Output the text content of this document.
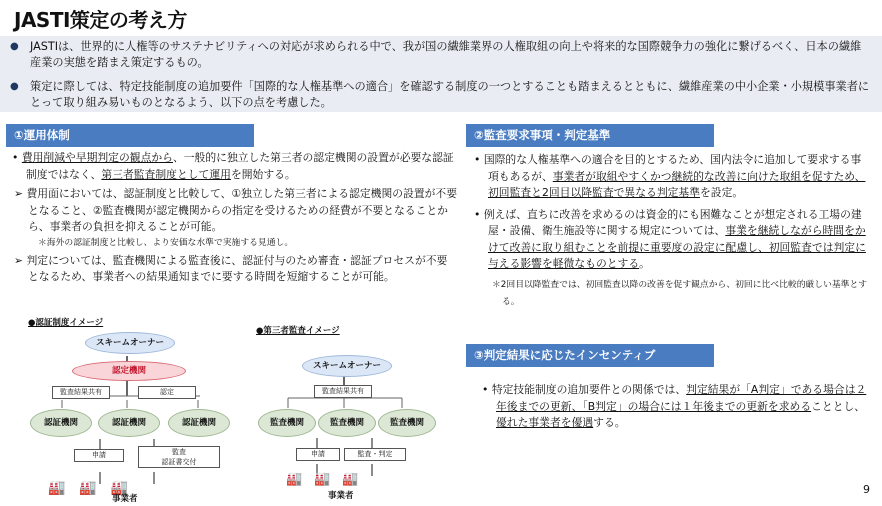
JASTI策定の考え方
● JASTIは、世界的に人権等のサステナビリティへの対応が求められる中で、我が国の繊維業界の人権取組の向上や将来的な国際競争力の強化に繋げるべく、日本の繊維産業の実態を踏まえ策定するもの。
● 策定に際しては、特定技能制度の追加要件「国際的な人権基準への適合」を確認する制度の一つとすることも踏まえるとともに、繊維産業の中小企業・小規模事業者にとって取り組み易いものとなるよう、以下の点を考慮した。
①運用体制
• 費用削減や早期判定の観点から、一般的に独立した第三者の認定機関の設置が必要な認証制度ではなく、第三者監査制度として運用を開始する。
➢ 費用面においては、認証制度と比較して、①独立した第三者による認定機関の設置が不要となること、②監査機関が認定機関からの指定を受けるための経費が不要となることから、事業者の負担を抑えることが可能。
＊海外の認証制度と比較し、より安価な水準で実施する見通し。
➢ 判定については、監査機関による監査後に、認証付与のため審査・認証プロセスが不要となるため、事業者への結果通知までに要する時間を短縮することが可能。
●認証制度イメージ
スキームオーナー
認定機関
監査結果共有	認定
認証機関	認証機関	認証機関
申請	監査
認証書交付
🏭🏭🏭
事業者
●第三者監査イメージ
スキームオーナー
監査結果共有
監査機関	監査機関	監査機関
申請	監査・判定
🏭🏭🏭
事業者
②監査要求事項・判定基準
• 国際的な人権基準への適合を目的とするため、国内法令に追加して要求する事項もあるが、事業者が取組やすくかつ継続的な改善に向けた取組を促すため、初回監査と2回目以降監査で異なる判定基準を設定。
• 例えば、直ちに改善を求めるのは資金的にも困難なことが想定される工場の建屋・設備、衛生施設等に関する規定については、事業を継続しながら時間をかけて改善に取り組むことを前提に重要度の設定に配慮し、初回監査では判定に与える影響を軽微なものとする。
＊2回目以降監査では、初回監査以降の改善を促す観点から、初回に比べ比較的厳しい基準とする。
③判定結果に応じたインセンティブ
• 特定技能制度の追加要件との関係では、判定結果が「A判定」である場合は２年後までの更新、「B判定」の場合には１年後までの更新を求めることとし、優れた事業者を優遇する。
9
